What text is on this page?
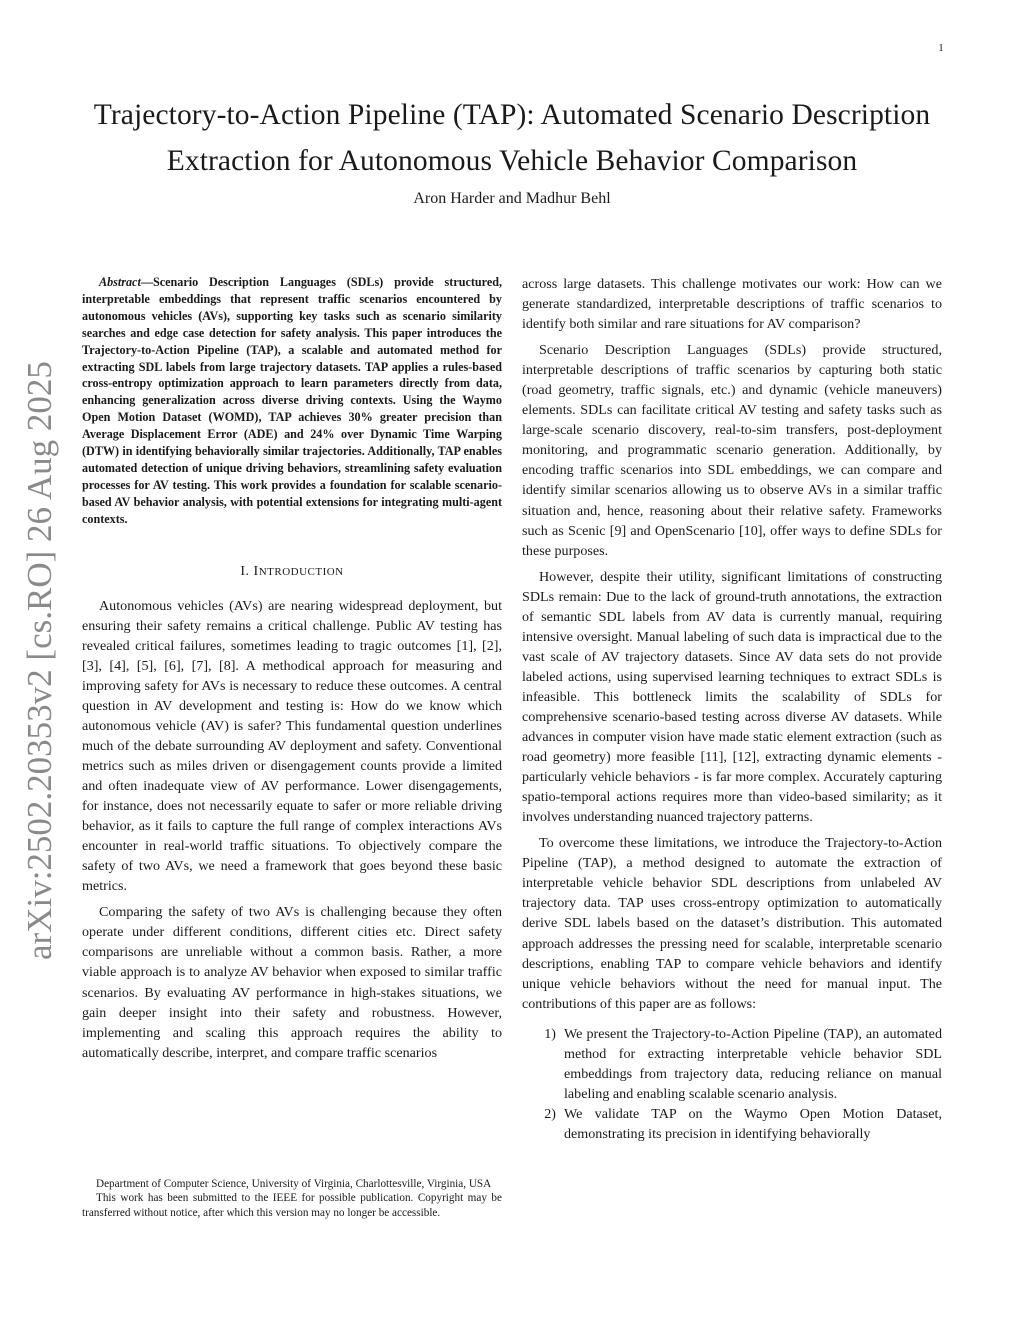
1
arXiv:2502.20353v2 [cs.RO] 26 Aug 2025
Trajectory-to-Action Pipeline (TAP): Automated Scenario Description
Extraction for Autonomous Vehicle Behavior Comparison
Aron Harder and Madhur Behl

Abstract—Scenario Description Languages (SDLs) provide structured, interpretable embeddings that represent traffic scenarios encountered by autonomous vehicles (AVs), supporting key tasks such as scenario similarity searches and edge case detection for safety analysis. This paper introduces the Trajectory-to-Action Pipeline (TAP), a scalable and automated method for extracting SDL labels from large trajectory datasets. TAP applies a rules-based cross-entropy optimization approach to learn parameters directly from data, enhancing generalization across diverse driving contexts. Using the Waymo Open Motion Dataset (WOMD), TAP achieves 30% greater precision than Average Displacement Error (ADE) and 24% over Dynamic Time Warping (DTW) in identifying behaviorally similar trajectories. Additionally, TAP enables automated detection of unique driving behaviors, streamlining safety evaluation processes for AV testing. This work provides a foundation for scalable scenario-based AV behavior analysis, with potential extensions for integrating multi-agent contexts.

I. INTRODUCTION

Autonomous vehicles (AVs) are nearing widespread deployment, but ensuring their safety remains a critical challenge. Public AV testing has revealed critical failures, sometimes leading to tragic outcomes [1], [2], [3], [4], [5], [6], [7], [8]. A methodical approach for measuring and improving safety for AVs is necessary to reduce these outcomes. A central question in AV development and testing is: How do we know which autonomous vehicle (AV) is safer? This fundamental question underlines much of the debate surrounding AV deployment and safety. Conventional metrics such as miles driven or disengagement counts provide a limited and often inadequate view of AV performance. Lower disengagements, for instance, does not necessarily equate to safer or more reliable driving behavior, as it fails to capture the full range of complex interactions AVs encounter in real-world traffic situations. To objectively compare the safety of two AVs, we need a framework that goes beyond these basic metrics.

Comparing the safety of two AVs is challenging because they often operate under different conditions, different cities etc. Direct safety comparisons are unreliable without a common basis. Rather, a more viable approach is to analyze AV behavior when exposed to similar traffic scenarios. By evaluating AV performance in high-stakes situations, we gain deeper insight into their safety and robustness. However, implementing and scaling this approach requires the ability to automatically describe, interpret, and compare traffic scenarios

across large datasets. This challenge motivates our work: How can we generate standardized, interpretable descriptions of traffic scenarios to identify both similar and rare situations for AV comparison?

Scenario Description Languages (SDLs) provide structured, interpretable descriptions of traffic scenarios by capturing both static (road geometry, traffic signals, etc.) and dynamic (vehicle maneuvers) elements. SDLs can facilitate critical AV testing and safety tasks such as large-scale scenario discovery, real-to-sim transfers, post-deployment monitoring, and programmatic scenario generation. Additionally, by encoding traffic scenarios into SDL embeddings, we can compare and identify similar scenarios allowing us to observe AVs in a similar traffic situation and, hence, reasoning about their relative safety. Frameworks such as Scenic [9] and OpenScenario [10], offer ways to define SDLs for these purposes.

However, despite their utility, significant limitations of constructing SDLs remain: Due to the lack of ground-truth annotations, the extraction of semantic SDL labels from AV data is currently manual, requiring intensive oversight. Manual labeling of such data is impractical due to the vast scale of AV trajectory datasets. Since AV data sets do not provide labeled actions, using supervised learning techniques to extract SDLs is infeasible. This bottleneck limits the scalability of SDLs for comprehensive scenario-based testing across diverse AV datasets. While advances in computer vision have made static element extraction (such as road geometry) more feasible [11], [12], extracting dynamic elements - particularly vehicle behaviors - is far more complex. Accurately capturing spatio-temporal actions requires more than video-based similarity; as it involves understanding nuanced trajectory patterns.

To overcome these limitations, we introduce the Trajectory-to-Action Pipeline (TAP), a method designed to automate the extraction of interpretable vehicle behavior SDL descriptions from unlabeled AV trajectory data. TAP uses cross-entropy optimization to automatically derive SDL labels based on the dataset’s distribution. This automated approach addresses the pressing need for scalable, interpretable scenario descriptions, enabling TAP to compare vehicle behaviors and identify unique vehicle behaviors without the need for manual input. The contributions of this paper are as follows:

1) We present the Trajectory-to-Action Pipeline (TAP), an automated method for extracting interpretable vehicle behavior SDL embeddings from trajectory data, reducing reliance on manual labeling and enabling scalable scenario analysis.
2) We validate TAP on the Waymo Open Motion Dataset, demonstrating its precision in identifying behaviorally

Department of Computer Science, University of Virginia, Charlottesville, Virginia, USA

This work has been submitted to the IEEE for possible publication. Copyright may be transferred without notice, after which this version may no longer be accessible.
